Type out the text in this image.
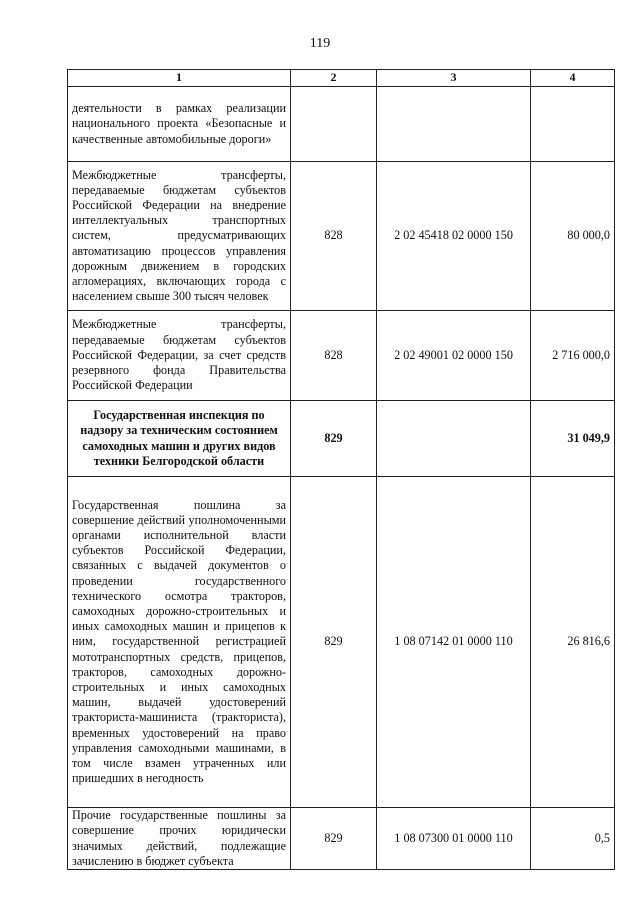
119
1	2	3	4
деятельности в рамках реализации национального проекта «Безопасные и качественные автомобильные дороги»			
Межбюджетные трансферты, передаваемые бюджетам субъектов Российской Федерации на внедрение интеллектуальных транспортных систем, предусматривающих автоматизацию процессов управления дорожным движением в городских агломерациях, включающих города с населением свыше 300 тысяч человек	828	2 02 45418 02 0000 150	80 000,0
Межбюджетные трансферты, передаваемые бюджетам субъектов Российской Федерации, за счет средств резервного фонда Правительства Российской Федерации	828	2 02 49001 02 0000 150	2 716 000,0
Государственная инспекция по надзору за техническим состоянием самоходных машин и других видов техники Белгородской области	829		31 049,9
Государственная пошлина за совершение действий уполномоченными органами исполнительной власти субъектов Российской Федерации, связанных с выдачей документов о проведении государственного технического осмотра тракторов, самоходных дорожно-строительных и иных самоходных машин и прицепов к ним, государственной регистрацией мототранспортных средств, прицепов, тракторов, самоходных дорожно-строительных и иных самоходных машин, выдачей удостоверений тракториста-машиниста (тракториста), временных удостоверений на право управления самоходными машинами, в том числе взамен утраченных или пришедших в негодность	829	1 08 07142 01 0000 110	26 816,6
Прочие государственные пошлины за совершение прочих юридически значимых действий, подлежащие зачислению в бюджет субъекта	829	1 08 07300 01 0000 110	0,5
